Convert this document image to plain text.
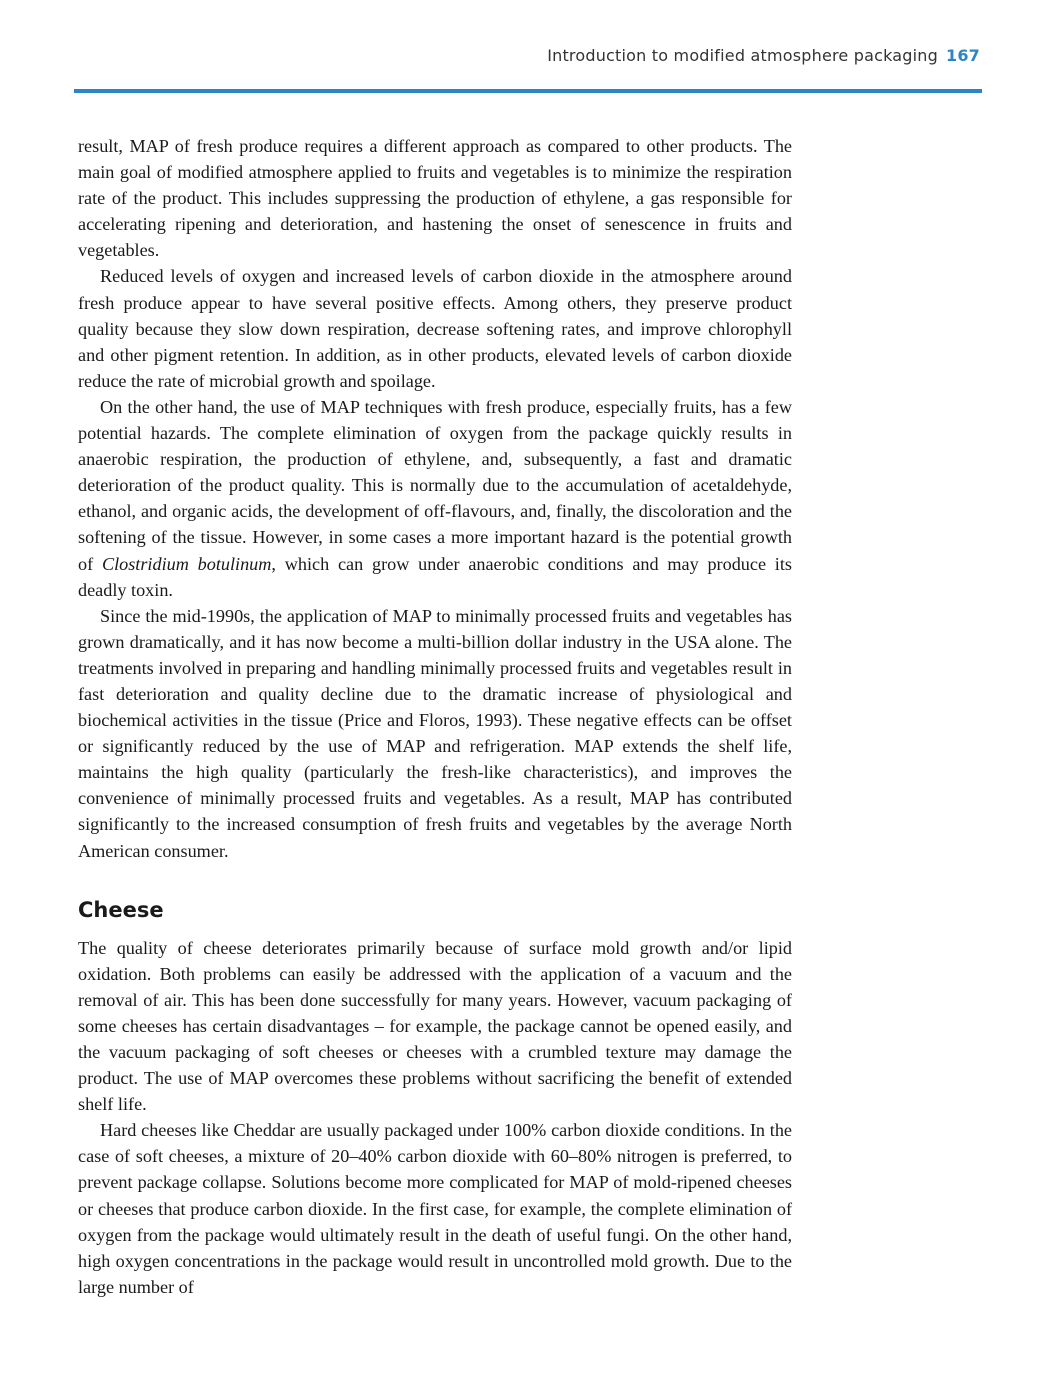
Introduction to modified atmosphere packaging 167

result, MAP of fresh produce requires a different approach as compared to other products. The main goal of modified atmosphere applied to fruits and vegetables is to minimize the respiration rate of the product. This includes suppressing the production of ethylene, a gas responsible for accelerating ripening and deterioration, and hastening the onset of senescence in fruits and vegetables.

Reduced levels of oxygen and increased levels of carbon dioxide in the atmosphere around fresh produce appear to have several positive effects. Among others, they preserve product quality because they slow down respiration, decrease softening rates, and improve chlorophyll and other pigment retention. In addition, as in other products, elevated levels of carbon dioxide reduce the rate of microbial growth and spoilage.

On the other hand, the use of MAP techniques with fresh produce, especially fruits, has a few potential hazards. The complete elimination of oxygen from the package quickly results in anaerobic respiration, the production of ethylene, and, subsequently, a fast and dramatic deterioration of the product quality. This is normally due to the accumulation of acetaldehyde, ethanol, and organic acids, the development of off-flavours, and, finally, the discoloration and the softening of the tissue. However, in some cases a more important hazard is the potential growth of Clostridium botulinum, which can grow under anaerobic conditions and may produce its deadly toxin.

Since the mid-1990s, the application of MAP to minimally processed fruits and vegetables has grown dramatically, and it has now become a multi-billion dollar industry in the USA alone. The treatments involved in preparing and handling minimally processed fruits and vegetables result in fast deterioration and quality decline due to the dramatic increase of physiological and biochemical activities in the tissue (Price and Floros, 1993). These negative effects can be offset or significantly reduced by the use of MAP and refrigeration. MAP extends the shelf life, maintains the high quality (particularly the fresh-like characteristics), and improves the convenience of minimally processed fruits and vegetables. As a result, MAP has contributed significantly to the increased consumption of fresh fruits and vegetables by the average North American consumer.

Cheese

The quality of cheese deteriorates primarily because of surface mold growth and/or lipid oxidation. Both problems can easily be addressed with the application of a vacuum and the removal of air. This has been done successfully for many years. However, vacuum packaging of some cheeses has certain disadvantages – for example, the package cannot be opened easily, and the vacuum packaging of soft cheeses or cheeses with a crumbled texture may damage the product. The use of MAP overcomes these problems without sacrificing the benefit of extended shelf life.

Hard cheeses like Cheddar are usually packaged under 100% carbon dioxide conditions. In the case of soft cheeses, a mixture of 20–40% carbon dioxide with 60–80% nitrogen is preferred, to prevent package collapse. Solutions become more complicated for MAP of mold-ripened cheeses or cheeses that produce carbon dioxide. In the first case, for example, the complete elimination of oxygen from the package would ultimately result in the death of useful fungi. On the other hand, high oxygen concentrations in the package would result in uncontrolled mold growth. Due to the large number of
